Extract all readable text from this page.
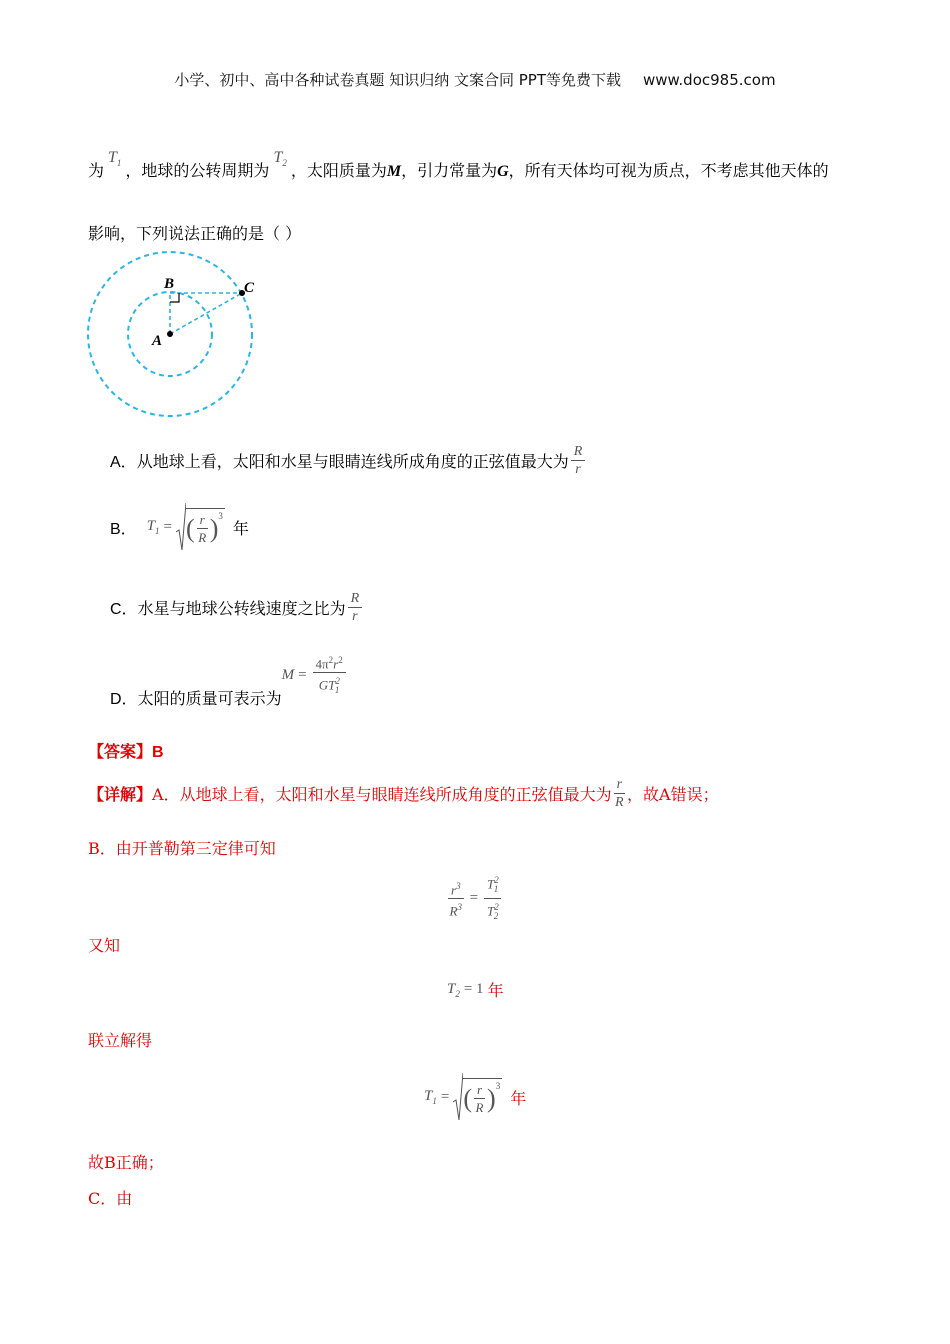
小学、初中、高中各种试卷真题 知识归纳 文案合同 PPT等免费下载 www.doc985.com
为$T_1$ ，地球的公转周期为$T_2$ ，太阳质量为M，引力常量为G，所有天体均可视为质点，不考虑其他天体的
影响，下列说法正确的是（ ）
A
B	C
A． 从地球上看，太阳和水星与眼睛连线所成角度的正弦值最大为 $\frac{R}{r}$
B． $T_1$ = ( $\frac{r}{R} )^3$
年
C． 水星与地球公转线速度之比为 $\frac{R}{r}$
D． 太阳的质量可表示为
$M = \frac{4\pi^2r^2}{GT^2_1}$
【答案】B
【详解】 A．从地球上看，太阳和水星与眼睛连线所成角度的正弦值最大为 $\frac{r}{R}$ ，故A错误；
B．由开普勒第三定律可知
$\frac{r^3}{R^3} = \frac{T^2_1}{T^2_2}$
又知
$T_2 = 1$ 年
联立解得
$T_1$ = ( $\frac{r}{R} )^3$
年
故B正确；
C．由
